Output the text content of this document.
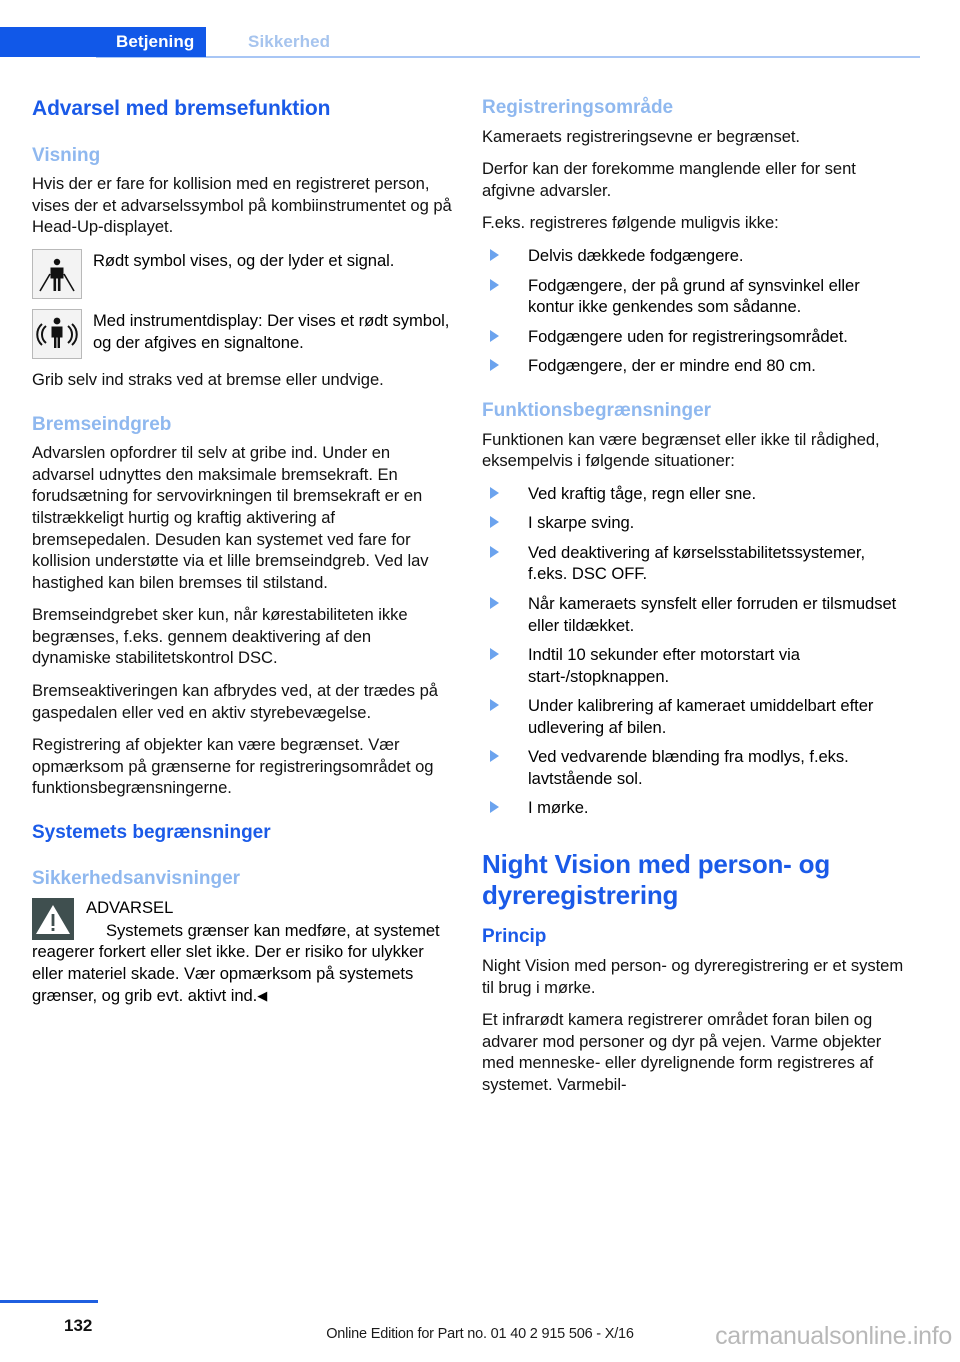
Betjening	Sikkerhed
Advarsel med bremsefunktion
Visning

Hvis der er fare for kollision med en registreret person, vises der et advarselssymbol på kombiinstrumentet og på Head-Up-displayet.

Rødt symbol vises, og der lyder et signal.
Med instrumentdisplay: Der vises et rødt symbol, og der afgives en signaltone.

Grib selv ind straks ved at bremse eller undvige.

Bremseindgreb

Advarslen opfordrer til selv at gribe ind. Under en advarsel udnyttes den maksimale bremsekraft. En forudsætning for servovirkningen til bremsekraft er en tilstrækkeligt hurtig og kraftig aktivering af bremsepedalen. Desuden kan systemet ved fare for kollision understøtte via et lille bremseindgreb. Ved lav hastighed kan bilen bremses til stilstand.

Bremseindgrebet sker kun, når kørestabiliteten ikke begrænses, f.eks. gennem deaktivering af den dynamiske stabilitetskontrol DSC.

Bremseaktiveringen kan afbrydes ved, at der trædes på gaspedalen eller ved en aktiv styrebevægelse.

Registrering af objekter kan være begrænset. Vær opmærksom på grænserne for registreringsområdet og funktionsbegrænsningerne.

Systemets begrænsninger
Sikkerhedsanvisninger
ADVARSEL

Systemets grænser kan medføre, at systemet reagerer forkert eller slet ikke. Der er risiko for ulykker eller materiel skade. Vær opmærksom på systemets grænser, og grib evt. aktivt ind.◀

Registreringsområde

Kameraets registreringsevne er begrænset.

Derfor kan der forekomme manglende eller for sent afgivne advarsler.

F.eks. registreres følgende muligvis ikke:

Delvis dækkede fodgængere.
Fodgængere, der på grund af synsvinkel eller kontur ikke genkendes som sådanne.
Fodgængere uden for registreringsområdet.
Fodgængere, der er mindre end 80 cm.
Funktionsbegrænsninger

Funktionen kan være begrænset eller ikke til rådighed, eksempelvis i følgende situationer:

Ved kraftig tåge, regn eller sne.
I skarpe sving.
Ved deaktivering af kørselsstabilitetssystemer, f.eks. DSC OFF.
Når kameraets synsfelt eller forruden er tilsmudset eller tildækket.
Indtil 10 sekunder efter motorstart via start-/stopknappen.
Under kalibrering af kameraet umiddelbart efter udlevering af bilen.
Ved vedvarende blænding fra modlys, f.eks. lavtstående sol.
I mørke.
Night Vision med person- og dyreregistrering
Princip

Night Vision med person- og dyreregistrering er et system til brug i mørke.

Et infrarødt kamera registrerer området foran bilen og advarer mod personer og dyr på vejen. Varme objekter med menneske- eller dyrelignende form registreres af systemet. Varmebil-

132	Online Edition for Part no. 01 40 2 915 506 - X/16	carmanualsonline.info
